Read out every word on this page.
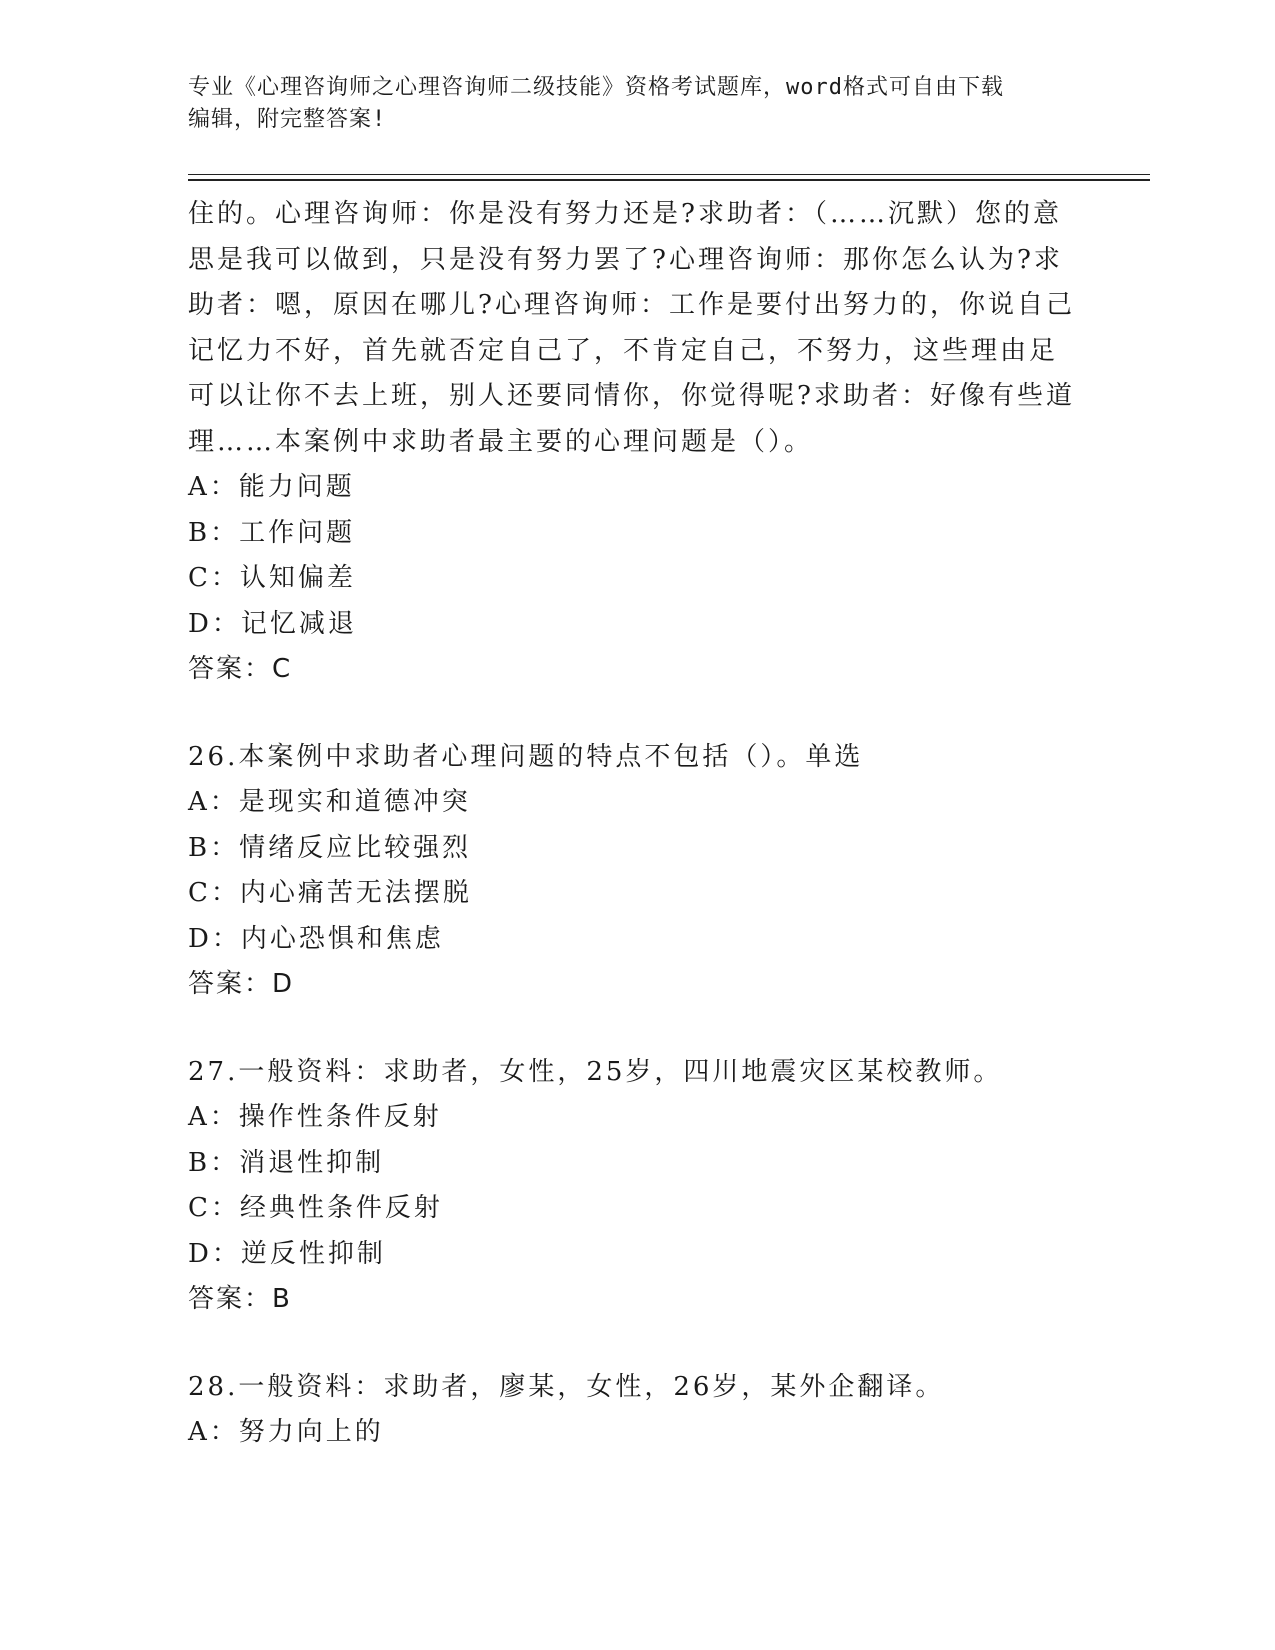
专业《心理咨询师之心理咨询师二级技能》资格考试题库，word格式可自由下载
编辑，附完整答案!
住的。心理咨询师：你是没有努力还是?求助者：（……沉默）您的意
思是我可以做到，只是没有努力罢了?心理咨询师：那你怎么认为?求
助者：嗯，原因在哪儿?心理咨询师：工作是要付出努力的，你说自己
记忆力不好，首先就否定自己了，不肯定自己，不努力，这些理由足
可以让你不去上班，别人还要同情你，你觉得呢?求助者：好像有些道
理……本案例中求助者最主要的心理问题是（）。
A：能力问题
B：工作问题
C：认知偏差
D：记忆减退
答案：C
26.本案例中求助者心理问题的特点不包括（）。单选
A：是现实和道德冲突
B：情绪反应比较强烈
C：内心痛苦无法摆脱
D：内心恐惧和焦虑
答案：D
27.一般资料：求助者，女性，25岁，四川地震灾区某校教师。
A：操作性条件反射
B：消退性抑制
C：经典性条件反射
D：逆反性抑制
答案：B
28.一般资料：求助者，廖某，女性，26岁，某外企翻译。
A：努力向上的
